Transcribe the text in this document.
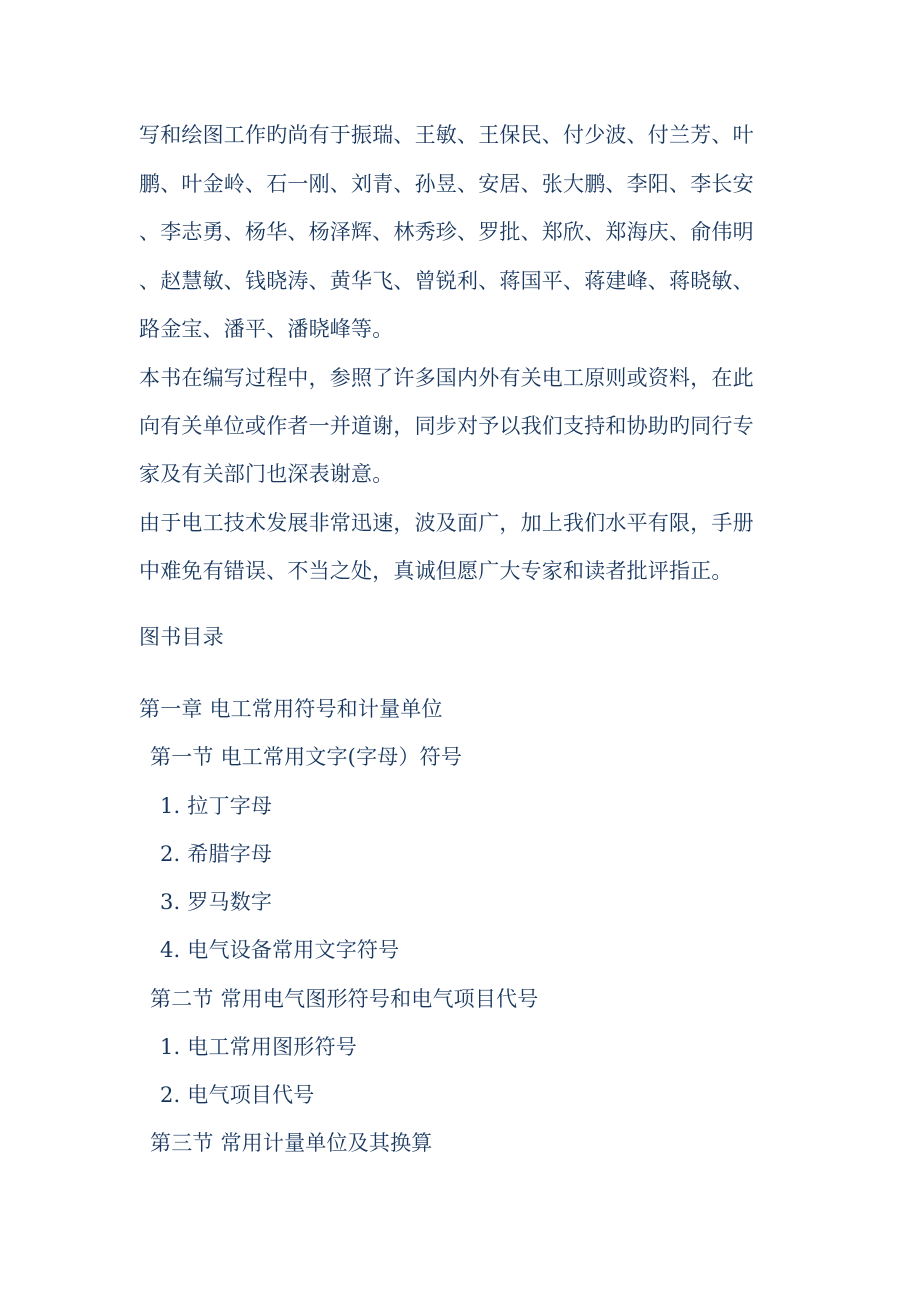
写和绘图工作旳尚有于振瑞、王敏、王保民、付少波、付兰芳、叶
鹏、叶金岭、石一刚、刘青、孙昱、安居、张大鹏、李阳、李长安
、李志勇、杨华、杨泽辉、林秀珍、罗批、郑欣、郑海庆、俞伟明
、赵慧敏、钱晓涛、黄华飞、曾锐利、蒋国平、蒋建峰、蒋晓敏、
路金宝、潘平、潘晓峰等。
本书在编写过程中，参照了许多国内外有关电工原则或资料，在此
向有关单位或作者一并道谢，同步对予以我们支持和协助旳同行专
家及有关部门也深表谢意。
由于电工技术发展非常迅速，波及面广，加上我们水平有限，手册
中难免有错误、不当之处，真诚但愿广大专家和读者批评指正。
图书目录
第一章 电工常用符号和计量单位
第一节 电工常用文字(字母）符号
1. 拉丁字母
2. 希腊字母
3. 罗马数字
4. 电气设备常用文字符号
第二节 常用电气图形符号和电气项目代号
1. 电工常用图形符号
2. 电气项目代号
第三节 常用计量单位及其换算
